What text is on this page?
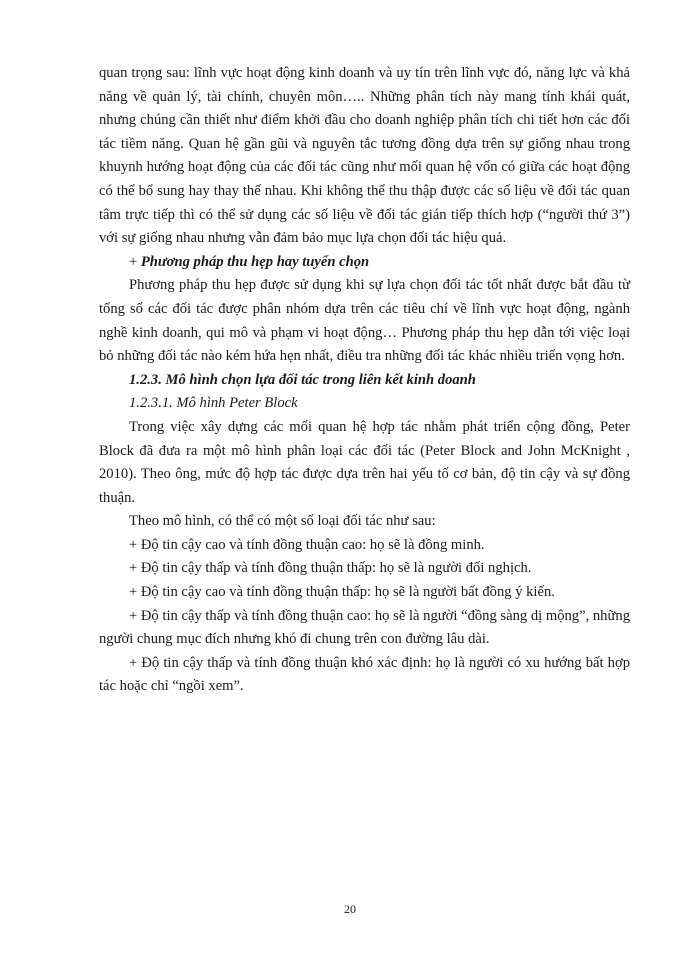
quan trọng sau: lĩnh vực hoạt động kinh doanh và uy tín trên lĩnh vực đó, năng lực và khả năng về quản lý, tài chính, chuyên môn….. Những phân tích này mang tính khái quát, nhưng chúng cần thiết như điểm khởi đầu cho doanh nghiệp phân tích chi tiết hơn các đối tác tiềm năng. Quan hệ gần gũi và nguyên tắc tương đồng dựa trên sự giống nhau trong khuynh hướng hoạt động của các đối tác cũng như mối quan hệ vốn có giữa các hoạt động có thể bổ sung hay thay thế nhau. Khi không thể thu thập được các số liệu về đối tác quan tâm trực tiếp thì có thể sử dụng các số liệu về đối tác gián tiếp thích hợp (“người thứ 3”) với sự giống nhau nhưng vẫn đảm bảo mục lựa chọn đối tác hiệu quả.

+ Phương pháp thu hẹp hay tuyển chọn

Phương pháp thu hẹp được sử dụng khi sự lựa chọn đối tác tốt nhất được bắt đầu từ tổng số các đối tác được phân nhóm dựa trên các tiêu chí về lĩnh vực hoạt động, ngành nghề kinh doanh, qui mô và phạm vi hoạt động… Phương pháp thu hẹp dẫn tới việc loại bỏ những đối tác nào kém hứa hẹn nhất, điều tra những đối tác khác nhiều triển vọng hơn.

1.2.3. Mô hình chọn lựa đối tác trong liên kết kinh doanh

1.2.3.1. Mô hình Peter Block

Trong việc xây dựng các mối quan hệ hợp tác nhằm phát triển cộng đồng, Peter Block đã đưa ra một mô hình phân loại các đối tác (Peter Block and John McKnight , 2010). Theo ông, mức độ hợp tác được dựa trên hai yếu tố cơ bản, độ tin cậy và sự đồng thuận.

Theo mô hình, có thể có một số loại đối tác như sau:

+ Độ tin cậy cao và tính đồng thuận cao: họ sẽ là đồng minh.

+ Độ tin cậy thấp và tính đồng thuận thấp: họ sẽ là người đối nghịch.

+ Độ tin cậy cao và tính đồng thuận thấp: họ sẽ là người bất đồng ý kiến.

+ Độ tin cậy thấp và tính đồng thuận cao: họ sẽ là người “đồng sàng dị mộng”, những người chung mục đích nhưng khó đi chung trên con đường lâu dài.

+ Độ tin cậy thấp và tính đồng thuận khó xác định: họ là người có xu hướng bất hợp tác hoặc chỉ “ngồi xem”.

20
